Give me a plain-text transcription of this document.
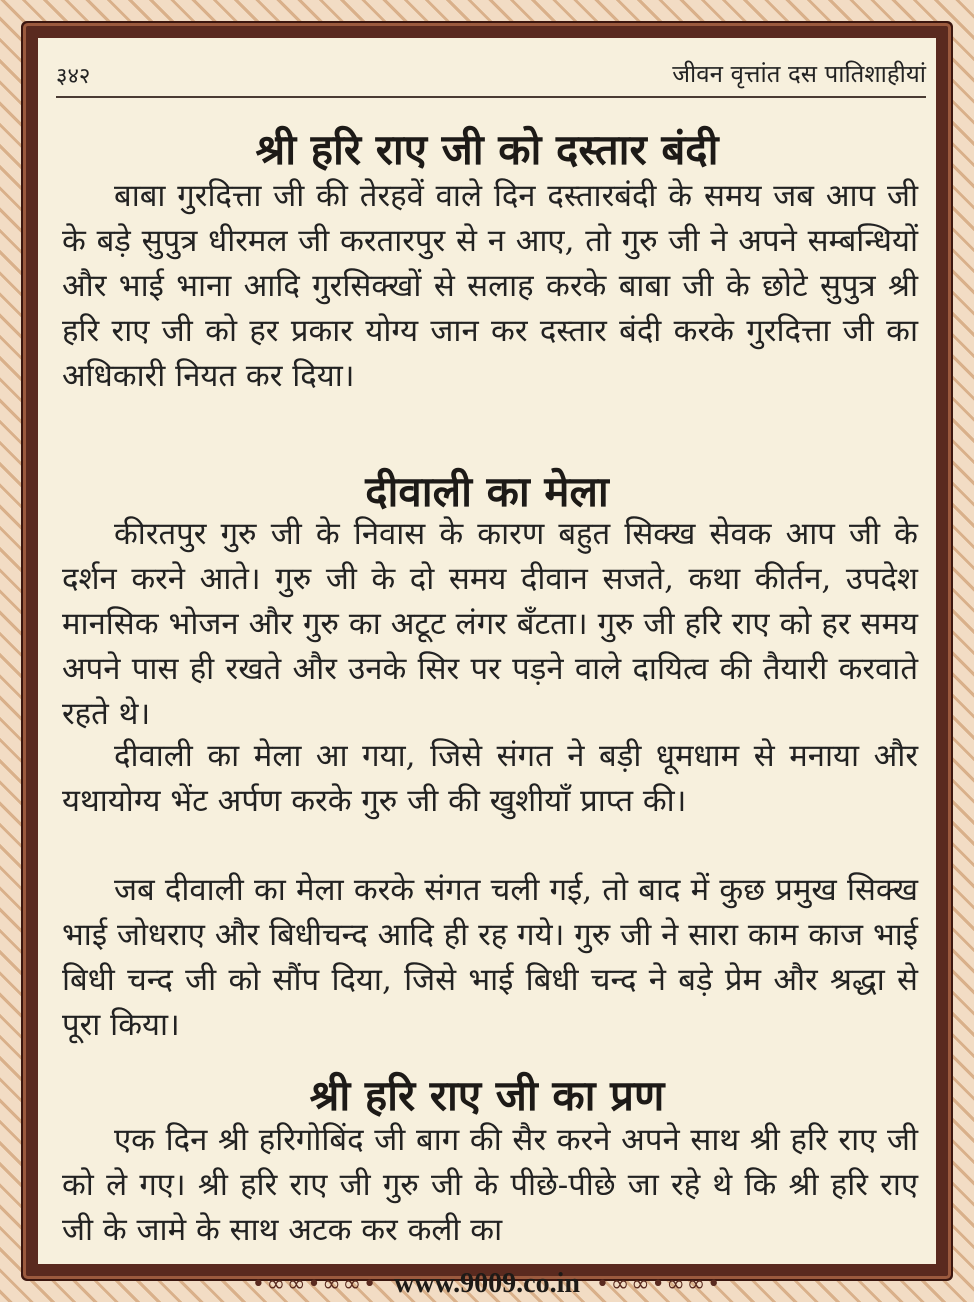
३४२	जीवन वृत्तांत दस पातिशाहीयां
श्री हरि राए जी को दस्तार बंदी
बाबा गुरदित्ता जी की तेरहवें वाले दिन दस्तारबंदी के समय जब आप जी के बड़े सुपुत्र धीरमल जी करतारपुर से न आए, तो गुरु जी ने अपने सम्बन्धियों और भाई भाना आदि गुरसिक्खों से सलाह करके बाबा जी के छोटे सुपुत्र श्री हरि राए जी को हर प्रकार योग्य जान कर दस्तार बंदी करके गुरदित्ता जी का अधिकारी नियत कर दिया।
दीवाली का मेला
कीरतपुर गुरु जी के निवास के कारण बहुत सिक्ख सेवक आप जी के दर्शन करने आते। गुरु जी के दो समय दीवान सजते, कथा कीर्तन, उपदेश मानसिक भोजन और गुरु का अटूट लंगर बँटता। गुरु जी हरि राए को हर समय अपने पास ही रखते और उनके सिर पर पड़ने वाले दायित्व की तैयारी करवाते रहते थे।
दीवाली का मेला आ गया, जिसे संगत ने बड़ी धूमधाम से मनाया और यथायोग्य भेंट अर्पण करके गुरु जी की खुशीयाँ प्राप्त की।
जब दीवाली का मेला करके संगत चली गई, तो बाद में कुछ प्रमुख सिक्ख भाई जोधराए और बिधीचन्द आदि ही रह गये। गुरु जी ने सारा काम काज भाई बिधी चन्द जी को सौंप दिया, जिसे भाई बिधी चन्द ने बड़े प्रेम और श्रद्धा से पूरा किया।
श्री हरि राए जी का प्रण
एक दिन श्री हरिगोबिंद जी बाग की सैर करने अपने साथ श्री हरि राए जी को ले गए। श्री हरि राए जी गुरु जी के पीछे-पीछे जा रहे थे कि श्री हरि राए जी के जामे के साथ अटक कर कली का
•∞∞•∞∞• www.9009.co.in •∞∞•∞∞•
